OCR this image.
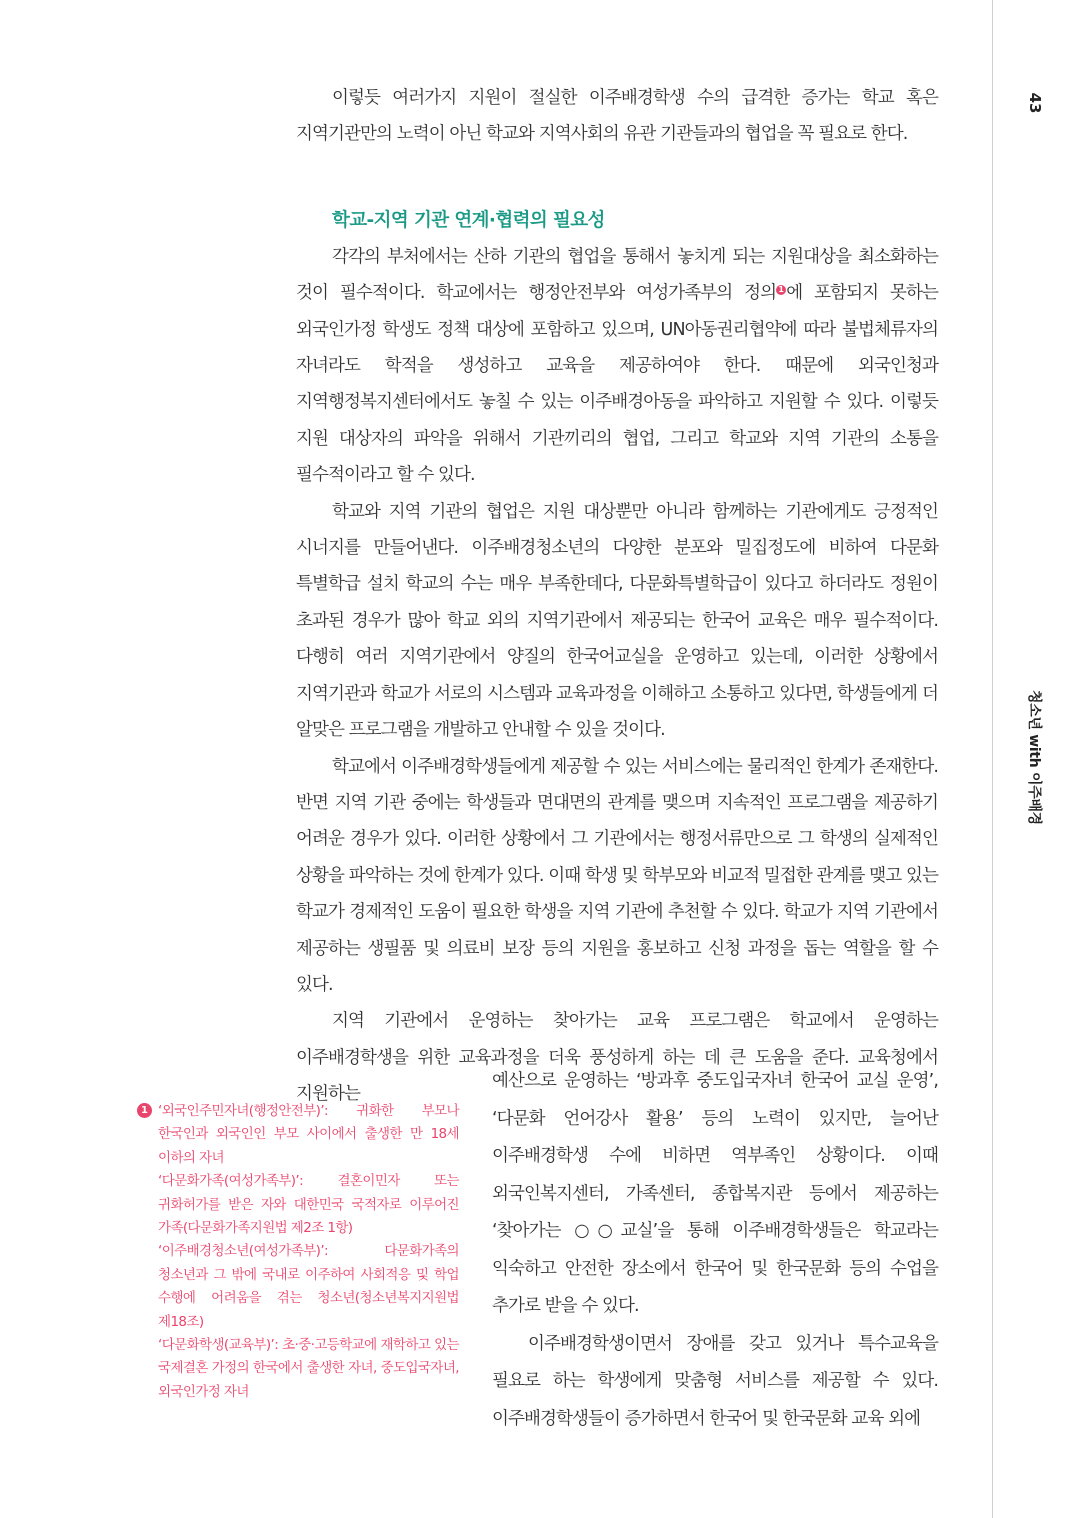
43
청소년 with 이주배경

이렇듯 여러가지 지원이 절실한 이주배경학생 수의 급격한 증가는 학교 혹은 지역기관만의 노력이 아닌 학교와 지역사회의 유관 기관들과의 협업을 꼭 필요로 한다.

학교-지역 기관 연계·협력의 필요성

각각의 부처에서는 산하 기관의 협업을 통해서 놓치게 되는 지원대상을 최소화하는 것이 필수적이다. 학교에서는 행정안전부와 여성가족부의 정의 1 에 포함되지 못하는 외국인가정 학생도 정책 대상에 포함하고 있으며, UN아동권리협약에 따라 불법체류자의 자녀라도 학적을 생성하고 교육을 제공하여야 한다. 때문에 외국인청과 지역행정복지센터에서도 놓칠 수 있는 이주배경아동을 파악하고 지원할 수 있다. 이렇듯 지원 대상자의 파악을 위해서 기관끼리의 협업, 그리고 학교와 지역 기관의 소통을 필수적이라고 할 수 있다.

학교와 지역 기관의 협업은 지원 대상뿐만 아니라 함께하는 기관에게도 긍정적인 시너지를 만들어낸다. 이주배경청소년의 다양한 분포와 밀집정도에 비하여 다문화 특별학급 설치 학교의 수는 매우 부족한데다, 다문화특별학급이 있다고 하더라도 정원이 초과된 경우가 많아 학교 외의 지역기관에서 제공되는 한국어 교육은 매우 필수적이다. 다행히 여러 지역기관에서 양질의 한국어교실을 운영하고 있는데, 이러한 상황에서 지역기관과 학교가 서로의 시스템과 교육과정을 이해하고 소통하고 있다면, 학생들에게 더 알맞은 프로그램을 개발하고 안내할 수 있을 것이다.

학교에서 이주배경학생들에게 제공할 수 있는 서비스에는 물리적인 한계가 존재한다. 반면 지역 기관 중에는 학생들과 면대면의 관계를 맺으며 지속적인 프로그램을 제공하기 어려운 경우가 있다. 이러한 상황에서 그 기관에서는 행정서류만으로 그 학생의 실제적인 상황을 파악하는 것에 한계가 있다. 이때 학생 및 학부모와 비교적 밀접한 관계를 맺고 있는 학교가 경제적인 도움이 필요한 학생을 지역 기관에 추천할 수 있다. 학교가 지역 기관에서 제공하는 생필품 및 의료비 보장 등의 지원을 홍보하고 신청 과정을 돕는 역할을 할 수 있다.

지역 기관에서 운영하는 찾아가는 교육 프로그램은 학교에서 운영하는 이주배경학생을 위한 교육과정을 더욱 풍성하게 하는 데 큰 도움을 준다. 교육청에서 지원하는

예산으로 운영하는 ‘방과후 중도입국자녀 한국어 교실 운영’, ‘다문화 언어강사 활용’ 등의 노력이 있지만, 늘어난 이주배경학생 수에 비하면 역부족인 상황이다. 이때 외국인복지센터, 가족센터, 종합복지관 등에서 제공하는 ‘찾아가는 ○○교실’을 통해 이주배경학생들은 학교라는 익숙하고 안전한 장소에서 한국어 및 한국문화 등의 수업을 추가로 받을 수 있다.

이주배경학생이면서 장애를 갖고 있거나 특수교육을 필요로 하는 학생에게 맞춤형 서비스를 제공할 수 있다. 이주배경학생들이 증가하면서 한국어 및 한국문화 교육 외에

1 ‘외국인주민자녀(행정안전부)’: 귀화한 부모나 한국인과 외국인인 부모 사이에서 출생한 만 18세 이하의 자녀

‘다문화가족(여성가족부)’: 결혼이민자 또는 귀화허가를 받은 자와 대한민국 국적자로 이루어진 가족(다문화가족지원법 제2조 1항)

‘이주배경청소년(여성가족부)’: 다문화가족의 청소년과 그 밖에 국내로 이주하여 사회적응 및 학업 수행에 어려움을 겪는 청소년(청소년복지지원법 제18조)

‘다문화학생(교육부)’: 초·중·고등학교에 재학하고 있는 국제결혼 가정의 한국에서 출생한 자녀, 중도입국자녀, 외국인가정 자녀
